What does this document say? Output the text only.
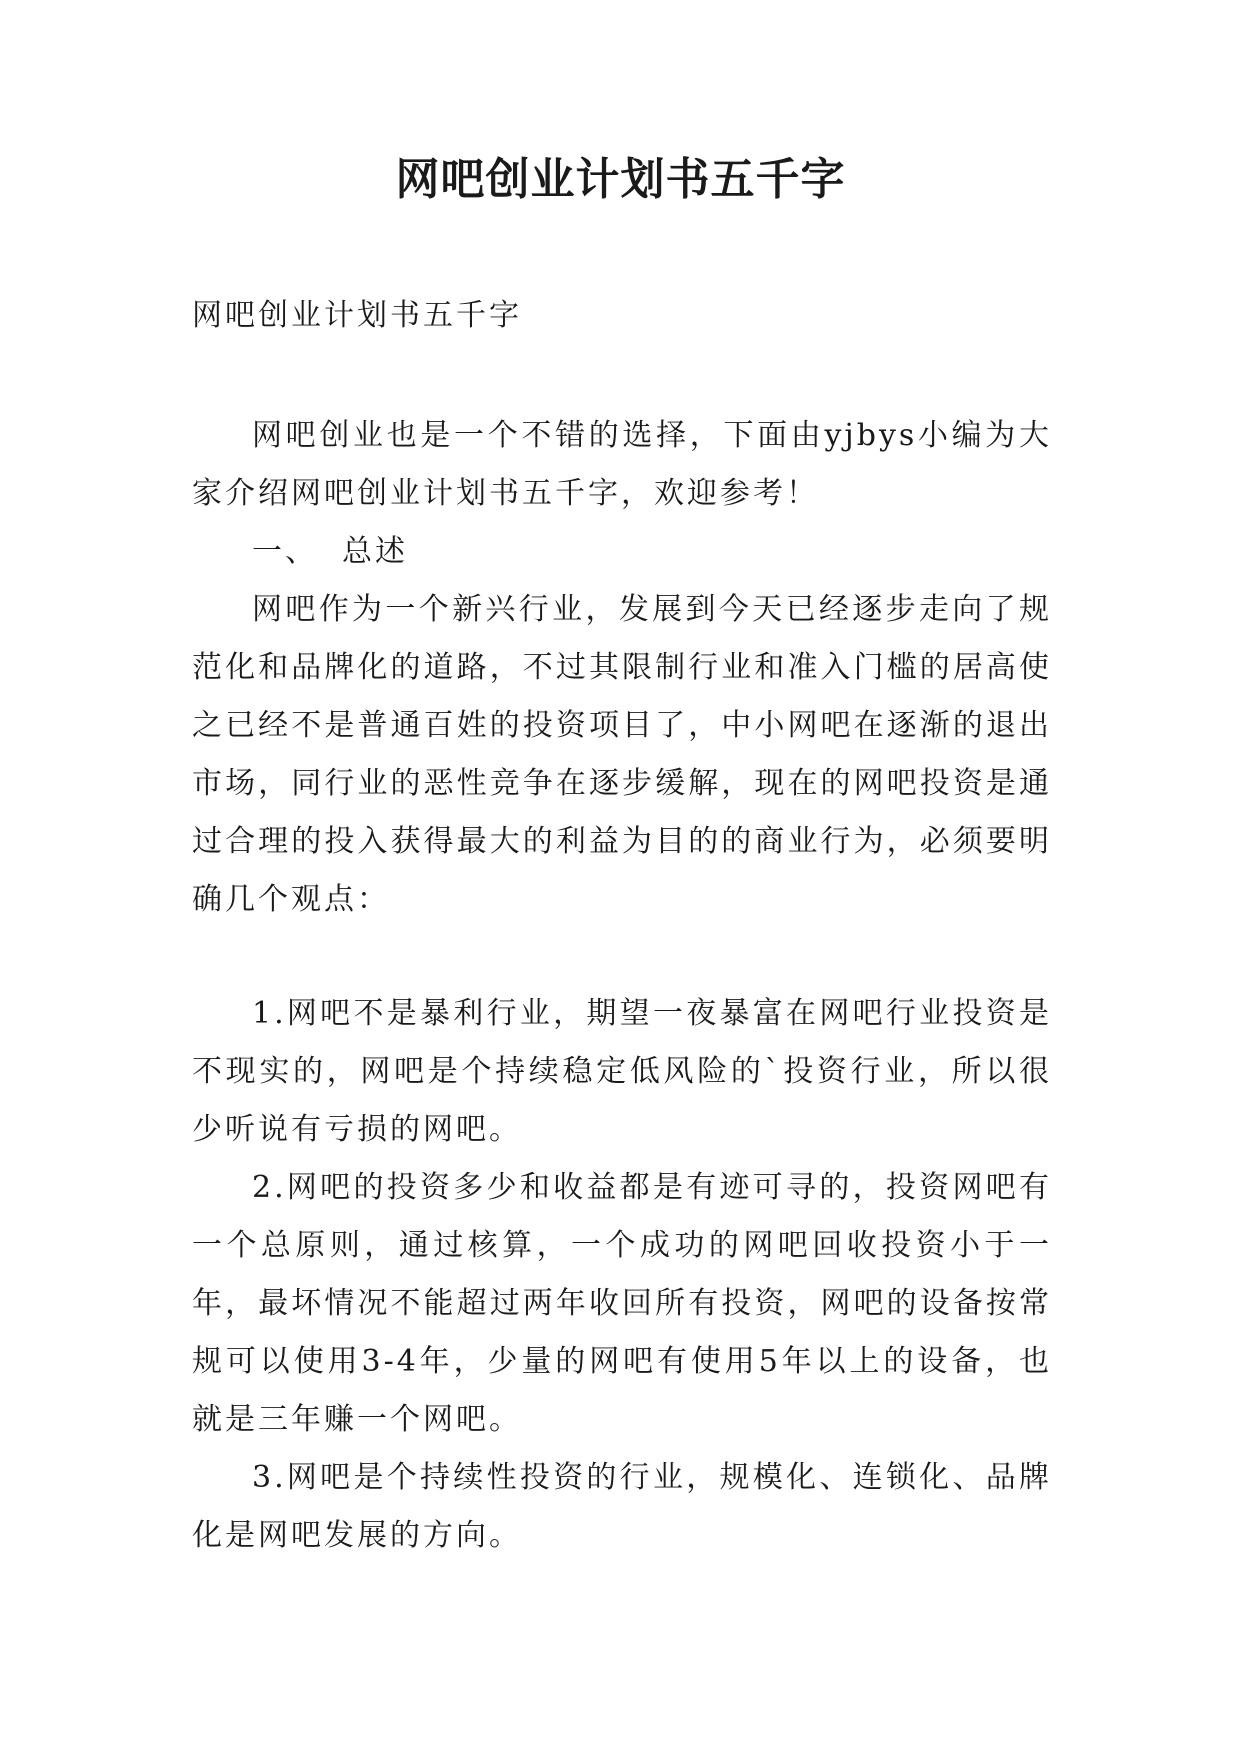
网吧创业计划书五千字

网吧创业计划书五千字

网吧创业也是一个不错的选择，下面由yjbys小编为大家介绍网吧创业计划书五千字，欢迎参考！

一、 总述

网吧作为一个新兴行业，发展到今天已经逐步走向了规范化和品牌化的道路，不过其限制行业和准入门槛的居高使之已经不是普通百姓的投资项目了，中小网吧在逐渐的退出市场，同行业的恶性竞争在逐步缓解，现在的网吧投资是通过合理的投入获得最大的利益为目的的商业行为，必须要明确几个观点：

1.网吧不是暴利行业，期望一夜暴富在网吧行业投资是不现实的，网吧是个持续稳定低风险的`投资行业，所以很少听说有亏损的网吧。

2.网吧的投资多少和收益都是有迹可寻的，投资网吧有一个总原则，通过核算，一个成功的网吧回收投资小于一年，最坏情况不能超过两年收回所有投资，网吧的设备按常规可以使用3-4年，少量的网吧有使用5年以上的设备，也就是三年赚一个网吧。

3.网吧是个持续性投资的行业，规模化、连锁化、品牌化是网吧发展的方向。
